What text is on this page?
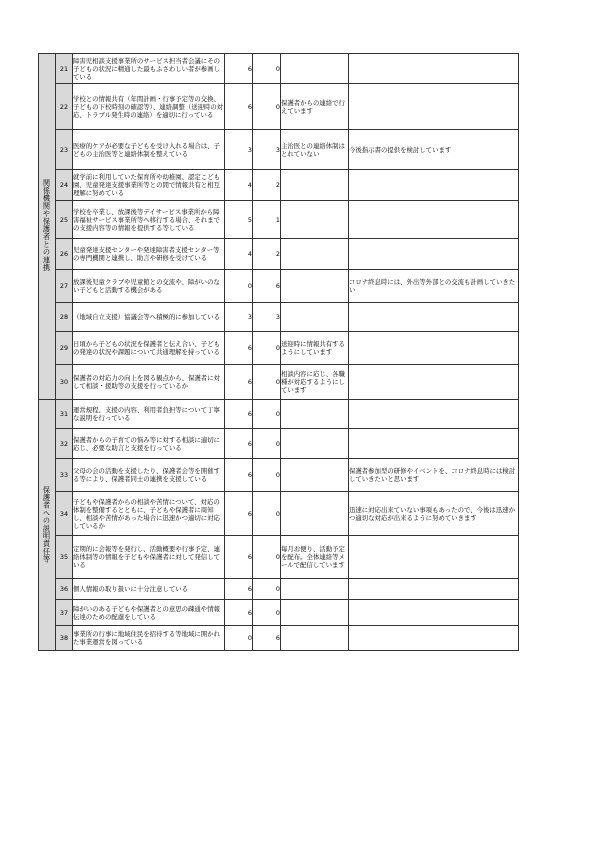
関係機関や保護者との連携	21	障害児相談支援事業所のサービス担当者会議にその子どもの状況に精通した最もふさわしい者が参画している	6	0		
	22	学校との情報共有（年間計画・行事予定等の交換、子どもの下校時刻の確認等）、連絡調整（送迎時の対応、トラブル発生時の連絡）を適切に行っている	6	0	保護者からの連絡で行えています	
	23	医療的ケアが必要な子どもを受け入れる場合は、子どもの主治医等と連絡体制を整えている	3	3	主治医との連絡体制はとれていない	今後指示書の提供を検討しています
	24	就学前に利用していた保育所や幼稚園、認定こども園、児童発達支援事業所等との間で情報共有と相互理解に努めている	4	2		
	25	学校を卒業し、放課後等デイサービス事業所から障害福祉サービス事業所等へ移行する場合、それまでの支援内容等の情報を提供する等している	5	1		
	26	児童発達支援センターや発達障害者支援センター等の専門機関と連携し、助言や研修を受けている	4	2		
	27	放課後児童クラブや児童館との交流や、障がいのない子どもと活動する機会がある	0	6		コロナ終息時には、外出等外部との交流も計画していきたい
	28	（地域自立支援）協議会等へ積極的に参加している	3	3		
	29	日頃から子どもの状況を保護者と伝え合い、子どもの発達の状況や課題について共通理解を持っている	6	0	送迎時に情報共有するようにしています	
	30	保護者の対応力の向上を図る観点から、保護者に対して相談・援助等の支援を行っているか	6	0	相談内容に応じ、各職種が対応するようにしています	
保護者への説明責任等	31	運営規程、支援の内容、利用者負担等について丁寧な説明を行っている	6	0		
	32	保護者からの子育ての悩み等に対する相談に適切に応じ、必要な助言と支援を行っている	6	0		
	33	父母の会の活動を支援したり、保護者会等を開催する等により、保護者同士の連携を支援している	6	0		保護者参加型の研修やイベントを、コロナ終息時には検討していきたいと思います
	34	子どもや保護者からの相談や苦情について、対応の体制を整備するとともに、子どもや保護者に周知し、相談や苦情があった場合に迅速かつ適切に対応しているか	6	0		迅速に対応出来ていない事項もあったので、今後は迅速かつ適切な対応が出来るように努めていきます
	35	定期的に会報等を発行し、活動概要や行事予定、連絡体制等の情報を子どもや保護者に対して発信している	6	0	毎月お便り、活動予定を配布。全体連絡等メールで配信しています	
	36	個人情報の取り扱いに十分注意している	6	0		
	37	障がいのある子どもや保護者との意思の疎通や情報伝達のための配慮をしている	6	0		
	38	事業所の行事に地域住民を招待する等地域に開かれた事業運営を図っている	0	6		
